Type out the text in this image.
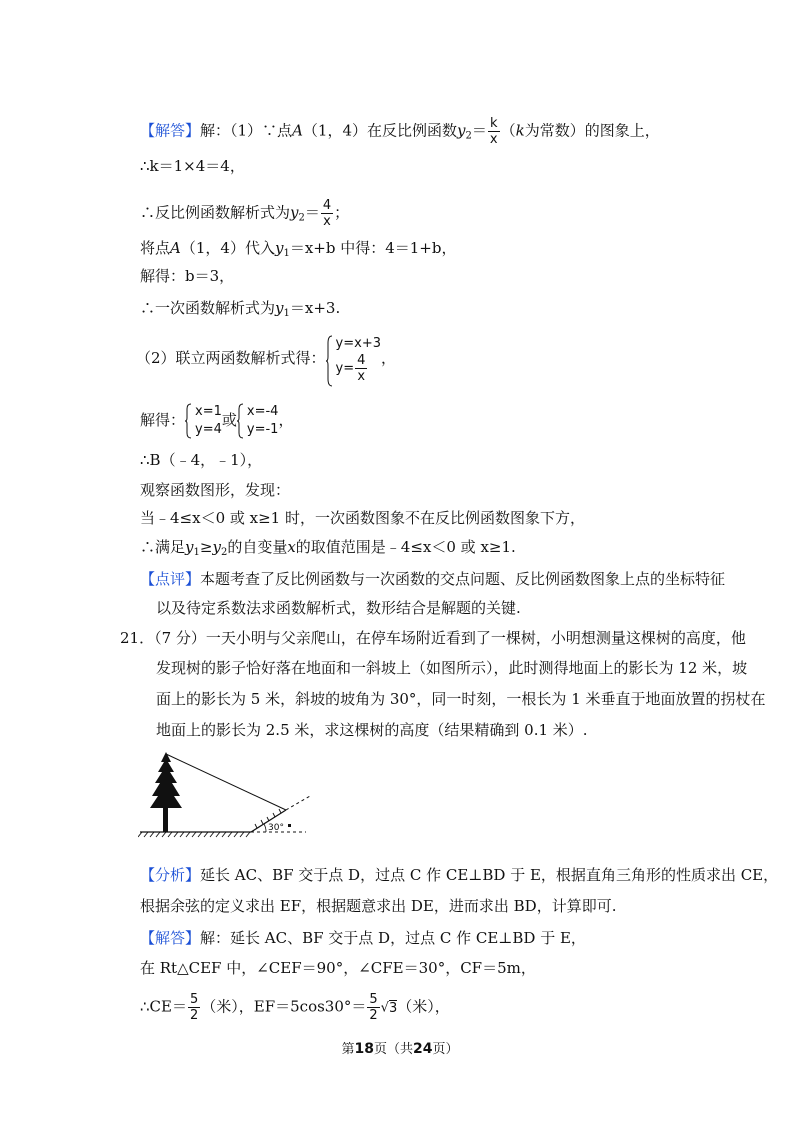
【解答】解：（1）∵点A（1，4）在反比例函数$y_2= \frac{k}{x} (k$为常数）的图象上，
∴k＝1×4＝4，
∴反比例函数解析式为$y_2= \frac{4}{x}$ ；
将点A（1，4）代入$y_1=x+b$ 中得：4＝1+b，
解得：b＝3，
∴一次函数解析式为$y_1=x+3$.
（2）联立两函数解析式得：
y=x+3
$y= \frac{4}{x}$ ，
解得： x=1
y=4
或 x=-4
y=-1
，
∴B（﹣4，﹣1），
观察函数图形，发现：
当﹣4≤x＜0 或 x≥1 时，一次函数图象不在反比例函数图象下方，
∴满足$y_1\ge y_2$的自变量x的取值范围是﹣4≤x＜0 或 x≥1.
【点评】本题考查了反比例函数与一次函数的交点问题、反比例函数图象上点的坐标特征
以及待定系数法求函数解析式，数形结合是解题的关键.
21．（7 分）一天小明与父亲爬山，在停车场附近看到了一棵树，小明想测量这棵树的高度，他
发现树的影子恰好落在地面和一斜坡上（如图所示），此时测得地面上的影长为 12 米，坡
面上的影长为 5 米，斜坡的坡角为 30°，同一时刻，一根长为 1 米垂直于地面放置的拐杖在
地面上的影长为 2.5 米，求这棵树的高度（结果精确到 0.1 米）.
30°
【分析】延长 AC、BF 交于点 D，过点 C 作 CE⊥BD 于 E，根据直角三角形的性质求出 CE，
根据余弦的定义求出 EF，根据题意求出 DE，进而求出 BD，计算即可.
【解答】解：延长 AC、BF 交于点 D，过点 C 作 CE⊥BD 于 E，
在 Rt△CEF 中，∠CEF＝90°，∠CFE＝30°，CF＝5m，
∴CE＝ $\frac{5}{2}$ （米），$EF=5\cos 30^\circ= \frac{5}{2} √3$（米），
第18页（共24页）
